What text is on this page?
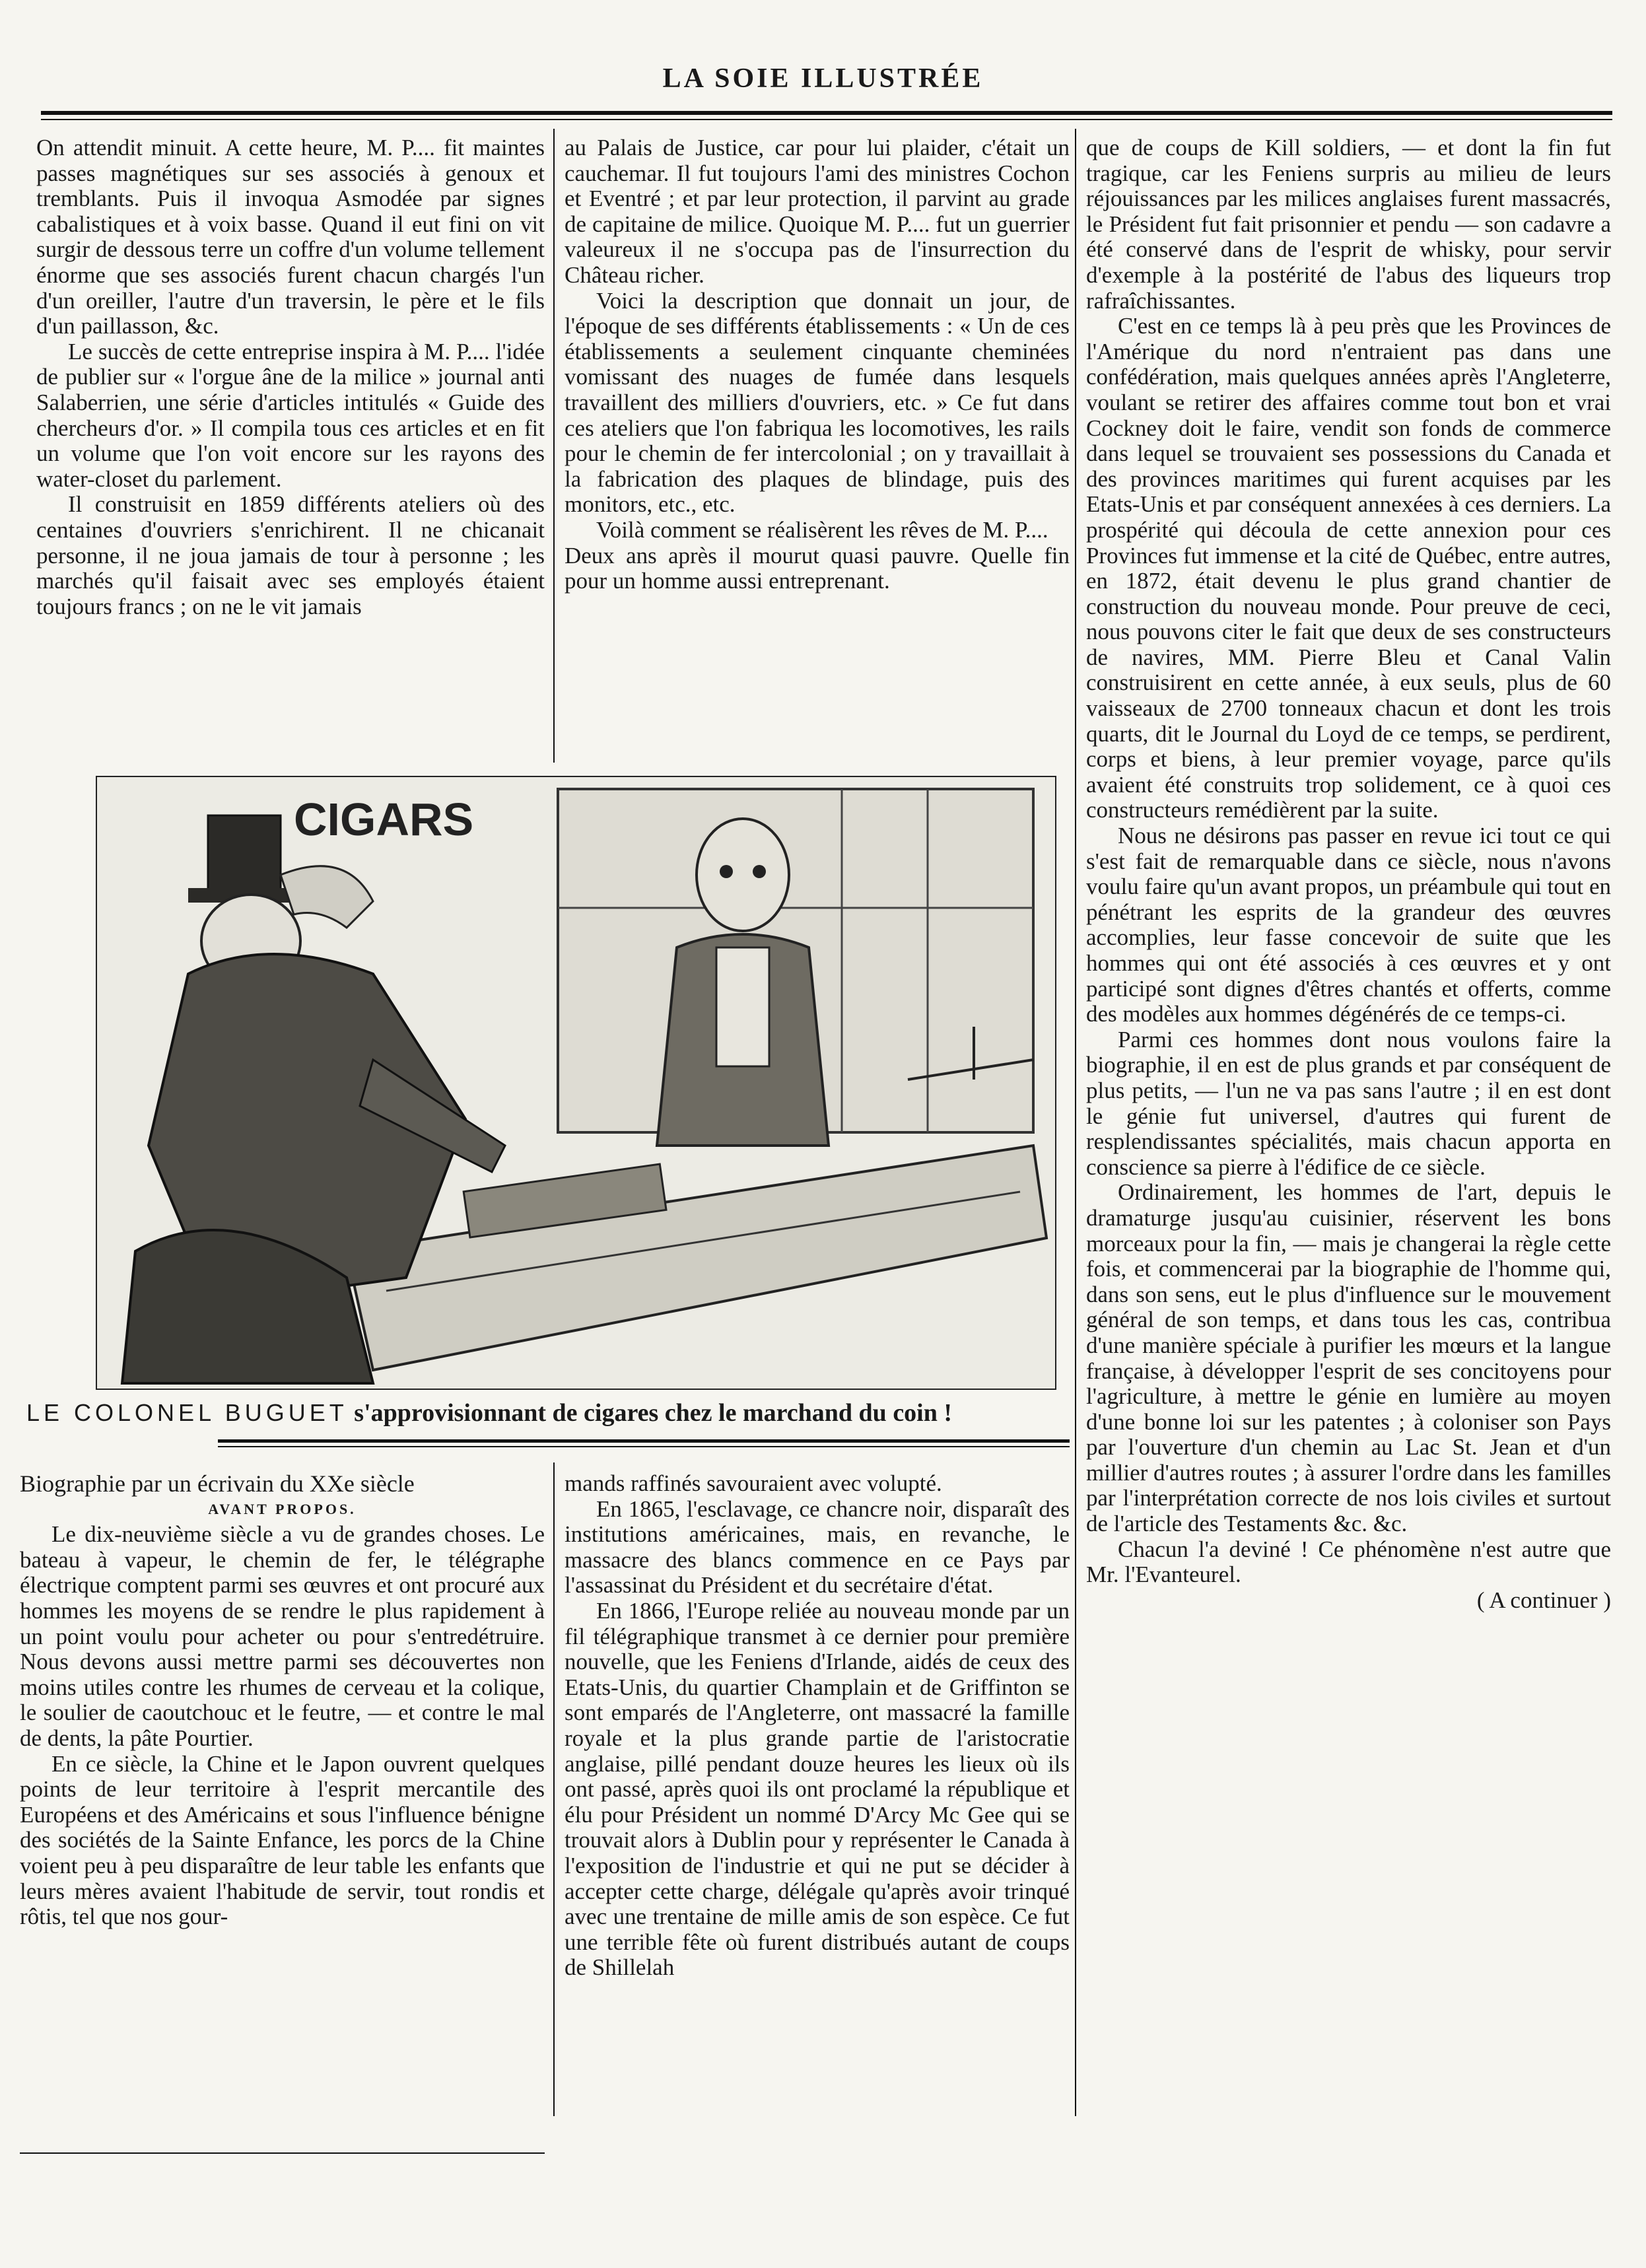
LA SOIE ILLUSTRÉE

On attendit minuit. A cette heure, M. P.... fit maintes passes magnétiques sur ses associés à genoux et tremblants. Puis il invoqua Asmodée par signes cabalistiques et à voix basse. Quand il eut fini on vit surgir de dessous terre un coffre d'un volume tellement énorme que ses associés furent chacun chargés l'un d'un oreiller, l'autre d'un traversin, le père et le fils d'un paillasson, &c.

Le succès de cette entreprise inspira à M. P.... l'idée de publier sur « l'orgue âne de la milice » journal anti Salaberrien, une série d'articles intitulés « Guide des chercheurs d'or. » Il compila tous ces articles et en fit un volume que l'on voit encore sur les rayons des water-closet du parlement.

Il construisit en 1859 différents ateliers où des centaines d'ouvriers s'enrichirent. Il ne chicanait personne, il ne joua jamais de tour à personne ; les marchés qu'il faisait avec ses employés étaient toujours francs ; on ne le vit jamais

au Palais de Justice, car pour lui plaider, c'était un cauchemar. Il fut toujours l'ami des ministres Cochon et Eventré ; et par leur protection, il parvint au grade de capitaine de milice. Quoique M. P.... fut un guerrier valeureux il ne s'occupa pas de l'insurrection du Château richer.

Voici la description que donnait un jour, de l'époque de ses différents établissements : « Un de ces établissements a seulement cinquante cheminées vomissant des nuages de fumée dans lesquels travaillent des milliers d'ouvriers, etc. » Ce fut dans ces ateliers que l'on fabriqua les locomotives, les rails pour le chemin de fer intercolonial ; on y travaillait à la fabrication des plaques de blindage, puis des monitors, etc., etc.

Voilà comment se réalisèrent les rêves de M. P....

Deux ans après il mourut quasi pauvre. Quelle fin pour un homme aussi entreprenant.

que de coups de Kill soldiers, — et dont la fin fut tragique, car les Feniens surpris au milieu de leurs réjouissances par les milices anglaises furent massacrés, le Président fut fait prisonnier et pendu — son cadavre a été conservé dans de l'esprit de whisky, pour servir d'exemple à la postérité de l'abus des liqueurs trop rafraîchissantes.

C'est en ce temps là à peu près que les Provinces de l'Amérique du nord n'entraient pas dans une confédération, mais quelques années après l'Angleterre, voulant se retirer des affaires comme tout bon et vrai Cockney doit le faire, vendit son fonds de commerce dans lequel se trouvaient ses possessions du Canada et des provinces maritimes qui furent acquises par les Etats-Unis et par conséquent annexées à ces derniers. La prospérité qui découla de cette annexion pour ces Provinces fut immense et la cité de Québec, entre autres, en 1872, était devenu le plus grand chantier de construction du nouveau monde. Pour preuve de ceci, nous pouvons citer le fait que deux de ses constructeurs de navires, MM. Pierre Bleu et Canal Valin construisirent en cette année, à eux seuls, plus de 60 vaisseaux de 2700 tonneaux chacun et dont les trois quarts, dit le Journal du Loyd de ce temps, se perdirent, corps et biens, à leur premier voyage, parce qu'ils avaient été construits trop solidement, ce à quoi ces constructeurs remédièrent par la suite.

Nous ne désirons pas passer en revue ici tout ce qui s'est fait de remarquable dans ce siècle, nous n'avons voulu faire qu'un avant propos, un préambule qui tout en pénétrant les esprits de la grandeur des œuvres accomplies, leur fasse concevoir de suite que les hommes qui ont été associés à ces œuvres et y ont participé sont dignes d'êtres chantés et offerts, comme des modèles aux hommes dégénérés de ce temps-ci.

Parmi ces hommes dont nous voulons faire la biographie, il en est de plus grands et par conséquent de plus petits, — l'un ne va pas sans l'autre ; il en est dont le génie fut universel, d'autres qui furent de resplendissantes spécialités, mais chacun apporta en conscience sa pierre à l'édifice de ce siècle.

Ordinairement, les hommes de l'art, depuis le dramaturge jusqu'au cuisinier, réservent les bons morceaux pour la fin, — mais je changerai la règle cette fois, et commencerai par la biographie de l'homme qui, dans son sens, eut le plus d'influence sur le mouvement général de son temps, et dans tous les cas, contribua d'une manière spéciale à purifier les mœurs et la langue française, à développer l'esprit de ses concitoyens pour l'agriculture, à mettre le génie en lumière au moyen d'une bonne loi sur les patentes ; à coloniser son Pays par l'ouverture d'un chemin au Lac St. Jean et d'un millier d'autres routes ; à assurer l'ordre dans les familles par l'interprétation correcte de nos lois civiles et surtout de l'article des Testaments &c. &c.

Chacun l'a deviné ! Ce phénomène n'est autre que Mr. l'Evanteurel.

( A continuer )

CIGARS
LE COLONEL BUGUET s'approvisionnant de cigares chez le marchand du coin !

Biographie par un écrivain du XXe siècle

AVANT PROPOS.

Le dix-neuvième siècle a vu de grandes choses. Le bateau à vapeur, le chemin de fer, le télégraphe électrique comptent parmi ses œuvres et ont procuré aux hommes les moyens de se rendre le plus rapidement à un point voulu pour acheter ou pour s'entredétruire. Nous devons aussi mettre parmi ses découvertes non moins utiles contre les rhumes de cerveau et la colique, le soulier de caoutchouc et le feutre, — et contre le mal de dents, la pâte Pourtier.

En ce siècle, la Chine et le Japon ouvrent quelques points de leur territoire à l'esprit mercantile des Européens et des Américains et sous l'influence bénigne des sociétés de la Sainte Enfance, les porcs de la Chine voient peu à peu disparaître de leur table les enfants que leurs mères avaient l'habitude de servir, tout rondis et rôtis, tel que nos gour-

mands raffinés savouraient avec volupté.

En 1865, l'esclavage, ce chancre noir, disparaît des institutions américaines, mais, en revanche, le massacre des blancs commence en ce Pays par l'assassinat du Président et du secrétaire d'état.

En 1866, l'Europe reliée au nouveau monde par un fil télégraphique transmet à ce dernier pour première nouvelle, que les Feniens d'Irlande, aidés de ceux des Etats-Unis, du quartier Champlain et de Griffinton se sont emparés de l'Angleterre, ont massacré la famille royale et la plus grande partie de l'aristocratie anglaise, pillé pendant douze heures les lieux où ils ont passé, après quoi ils ont proclamé la république et élu pour Président un nommé D'Arcy Mc Gee qui se trouvait alors à Dublin pour y représenter le Canada à l'exposition de l'industrie et qui ne put se décider à accepter cette charge, délégale qu'après avoir trinqué avec une trentaine de mille amis de son espèce. Ce fut une terrible fête où furent distribués autant de coups de Shillelah
